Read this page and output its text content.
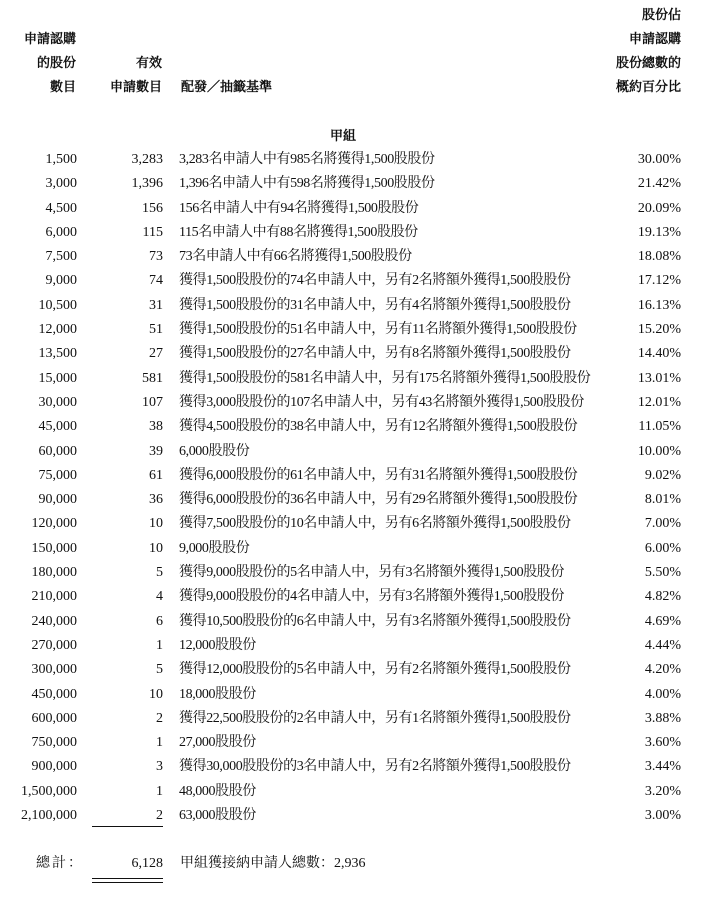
申請認購
的股份
數目
有效
申請數目 配發／抽籤基準
股份佔
申請認購
股份總數的
概約百分比
甲組
1,500	3,283 3,283名申請人中有985名將獲得1,500股股份	30.00%
3,000	1,396 1,396名申請人中有598名將獲得1,500股股份	21.42%
4,500	156 156名申請人中有94名將獲得1,500股股份	20.09%
6,000	115 115名申請人中有88名將獲得1,500股股份	19.13%
7,500	73 73名申請人中有66名將獲得1,500股股份	18.08%
9,000	74 獲得1,500股股份的74名申請人中，另有2名將額外獲得1,500股股份	17.12%
10,500	31 獲得1,500股股份的31名申請人中，另有4名將額外獲得1,500股股份	16.13%
12,000	51 獲得1,500股股份的51名申請人中，另有11名將額外獲得1,500股股份	15.20%
13,500	27 獲得1,500股股份的27名申請人中，另有8名將額外獲得1,500股股份	14.40%
15,000	581 獲得1,500股股份的581名申請人中，另有175名將額外獲得1,500股股份	13.01%
30,000	107 獲得3,000股股份的107名申請人中，另有43名將額外獲得1,500股股份	12.01%
45,000	38 獲得4,500股股份的38名申請人中，另有12名將額外獲得1,500股股份	11.05%
60,000	39 6,000股股份	10.00%
75,000	61 獲得6,000股股份的61名申請人中，另有31名將額外獲得1,500股股份	9.02%
90,000	36 獲得6,000股股份的36名申請人中，另有29名將額外獲得1,500股股份	8.01%
120,000	10 獲得7,500股股份的10名申請人中，另有6名將額外獲得1,500股股份	7.00%
150,000	10 9,000股股份	6.00%
180,000	5 獲得9,000股股份的5名申請人中，另有3名將額外獲得1,500股股份	5.50%
210,000	4 獲得9,000股股份的4名申請人中，另有3名將額外獲得1,500股股份	4.82%
240,000	6 獲得10,500股股份的6名申請人中，另有3名將額外獲得1,500股股份	4.69%
270,000	1 12,000股股份	4.44%
300,000	5 獲得12,000股股份的5名申請人中，另有2名將額外獲得1,500股股份	4.20%
450,000	10 18,000股股份	4.00%
600,000	2 獲得22,500股股份的2名申請人中，另有1名將額外獲得1,500股股份	3.88%
750,000	1 27,000股股份	3.60%
900,000	3 獲得30,000股股份的3名申請人中，另有2名將額外獲得1,500股股份	3.44%
1,500,000	1 48,000股股份	3.20%
2,100,000	2 63,000股股份	3.00%
總計：	6,128 甲組獲接納申請人總數：2,936
